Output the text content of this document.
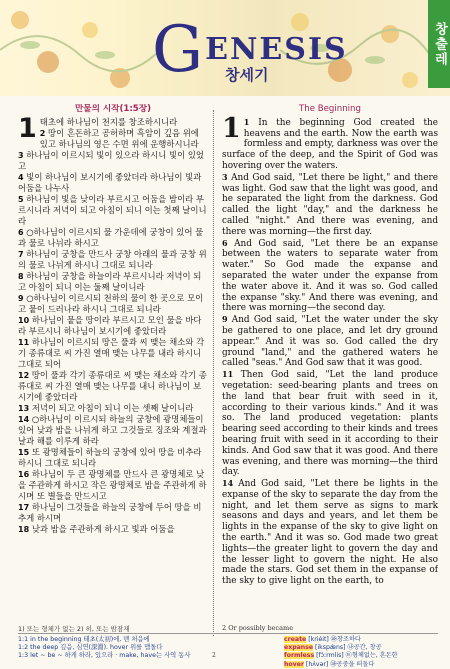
GENESIS
창세기
창출레
만물의 시작(1:5장)
1 태초에 하나님이 천지를 창조하시니라

2 땅이 혼돈하고 공허하며 흑암이 깊음 위에 있고 하나님의 영은 수면 위에 운행하시니라

3 하나님이 이르시되 빛이 있으라 하시니 빛이 있었고

4 빛이 하나님이 보시기에 좋았더라 하나님이 빛과 어둠을 나누사

5 하나님이 빛을 낮이라 부르시고 어둠을 밤이라 부르시니라 저녁이 되고 아침이 되니 이는 첫째 날이니라

6 ○하나님이 이르시되 물 가운데에 궁창이 있어 물과 물로 나뉘라 하시고

7 하나님이 궁창을 만드사 궁창 아래의 물과 궁창 위의 물로 나뉘게 하시니 그대로 되니라

8 하나님이 궁창을 하늘이라 부르시니라 저녁이 되고 아침이 되니 이는 둘째 날이니라

9 ○하나님이 이르시되 천하의 물이 한 곳으로 모이고 뭍이 드러나라 하시니 그대로 되니라

10 하나님이 뭍을 땅이라 부르시고 모인 물을 바다라 부르시니 하나님이 보시기에 좋았더라

11 하나님이 이르시되 땅은 풀과 씨 맺는 채소와 각기 종류대로 씨 가진 열매 맺는 나무를 내라 하시니 그대로 되어

12 땅이 풀과 각기 종류대로 씨 맺는 채소와 각기 종류대로 씨 가진 열매 맺는 나무를 내니 하나님이 보시기에 좋았더라

13 저녁이 되고 아침이 되니 이는 셋째 날이니라

14 ○하나님이 이르시되 하늘의 궁창에 광명체들이 있어 낮과 밤을 나뉘게 하고 그것들로 징조와 계절과 날과 해를 이루게 하라

15 또 광명체들이 하늘의 궁창에 있어 땅을 비추라 하시니 그대로 되니라

16 하나님이 두 큰 광명체를 만드사 큰 광명체로 낮을 주관하게 하시고 작은 광명체로 밤을 주관하게 하시며 또 별들을 만드시고

17 하나님이 그것들을 하늘의 궁창에 두어 땅을 비추게 하시며

18 낮과 밤을 주관하게 하시고 빛과 어둠을

The Beginning
1 1 In the beginning God created the heavens and the earth. Now the earth was formless and empty, darkness was over the surface of the deep, and the Spirit of God was hovering over the waters.

3 And God said, "Let there be light," and there was light. God saw that the light was good, and he separated the light from the darkness. God called the light "day," and the darkness he called "night." And there was evening, and there was morning—the first day.

6 And God said, "Let there be an expanse between the waters to separate water from water." So God made the expanse and separated the water under the expanse from the water above it. And it was so. God called the expanse "sky." And there was evening, and there was morning—the second day.

9 And God said, "Let the water under the sky be gathered to one place, and let dry ground appear." And it was so. God called the dry ground "land," and the gathered waters he called "seas." And God saw that it was good.

11 Then God said, "Let the land produce vegetation: seed-bearing plants and trees on the land that bear fruit with seed in it, according to their various kinds." And it was so. The land produced vegetation: plants bearing seed according to their kinds and trees bearing fruit with seed in it according to their kinds. And God saw that it was good. And there was evening, and there was morning—the third day.

14 And God said, "Let there be lights in the expanse of the sky to separate the day from the night, and let them serve as signs to mark seasons and days and years, and let them be lights in the expanse of the sky to give light on the earth." And it was so. God made two great lights—the greater light to govern the day and the lesser light to govern the night. He also made the stars. God set them in the expanse of the sky to give light on the earth, to

1) 또는 형체가 없는 2) 히, 또는 밤잠재	2 Or possibly became
1:1 in the beginning 태초(太初)에, 맨 처음에
1:2 the deep 깊음, 심연(深淵). hover 위를 맴돌다
1:3 let ~ be ~ 하게 하라, 있으라 · make, have는 사역 동사
create [kriéit] ㉺창조하다
expanse [ikspǽns] ㉯공간, 창공
formless [fɔ́ːrmlis] ㉫형체없는, 혼돈한
hover [hʌ́vər] ㉺공중을 떠돌다
2
